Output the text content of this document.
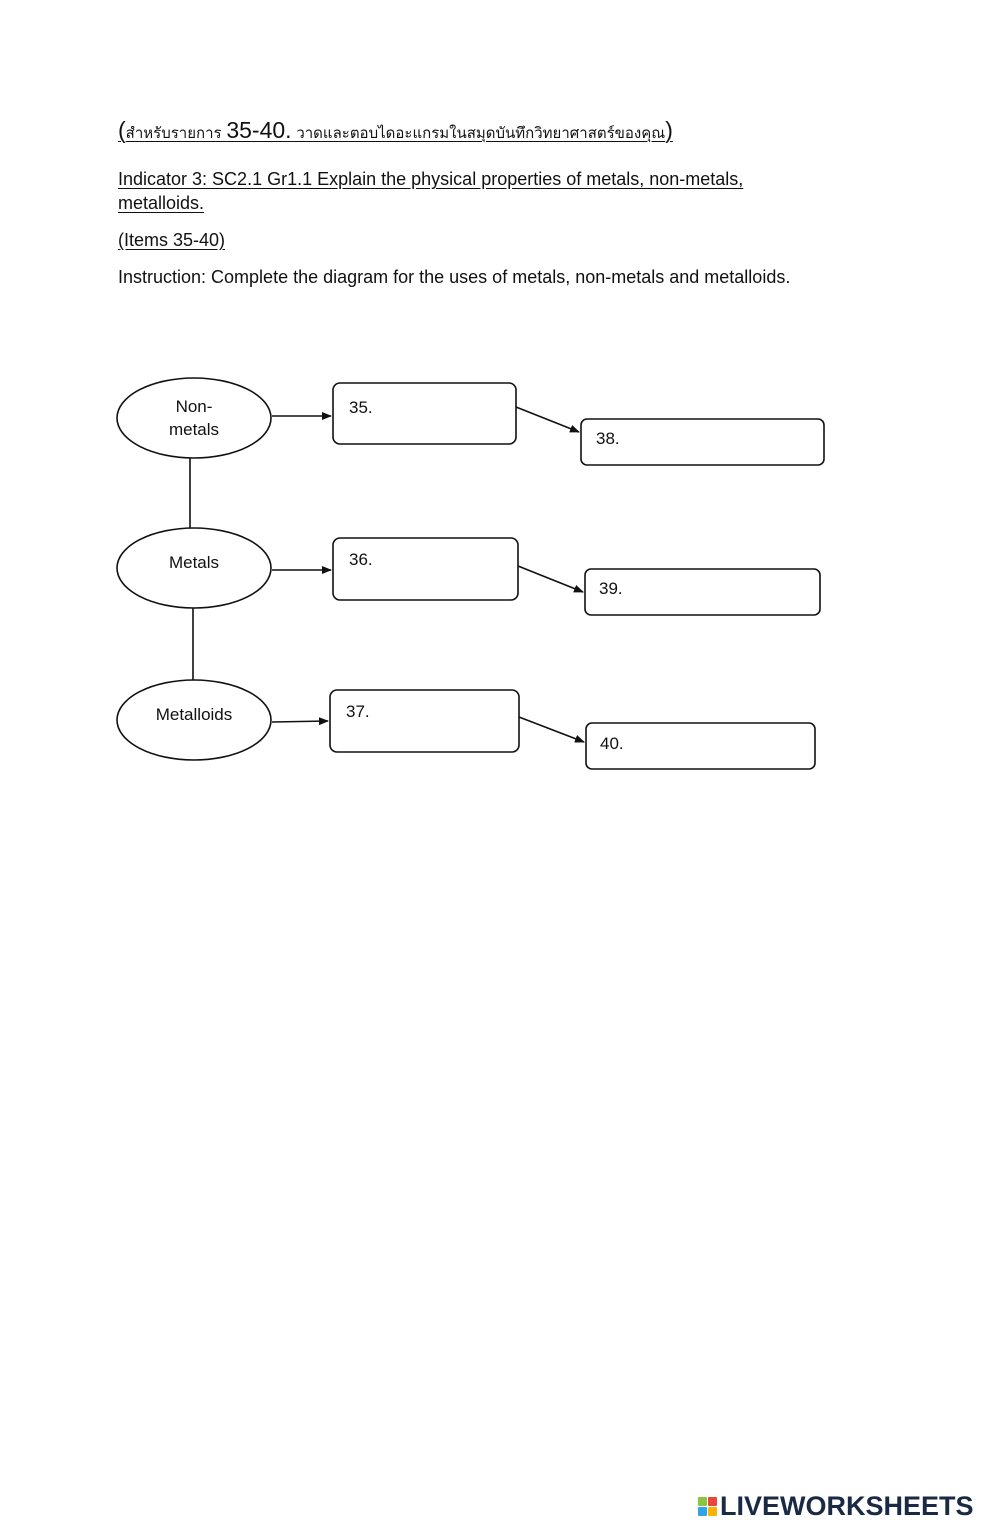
(สำหรับรายการ 35-40. วาดและตอบไดอะแกรมในสมุดบันทึกวิทยาศาสตร์ของคุณ)
Indicator 3: SC2.1 Gr1.1 Explain the physical properties of metals, non-metals,
metalloids.
(Items 35-40)
Instruction: Complete the diagram for the uses of metals, non-metals and metalloids.
Non-
metals
35.
38.
Metals	36.
39.
Metalloids	37.
40.
LIVEWORKSHEETS
